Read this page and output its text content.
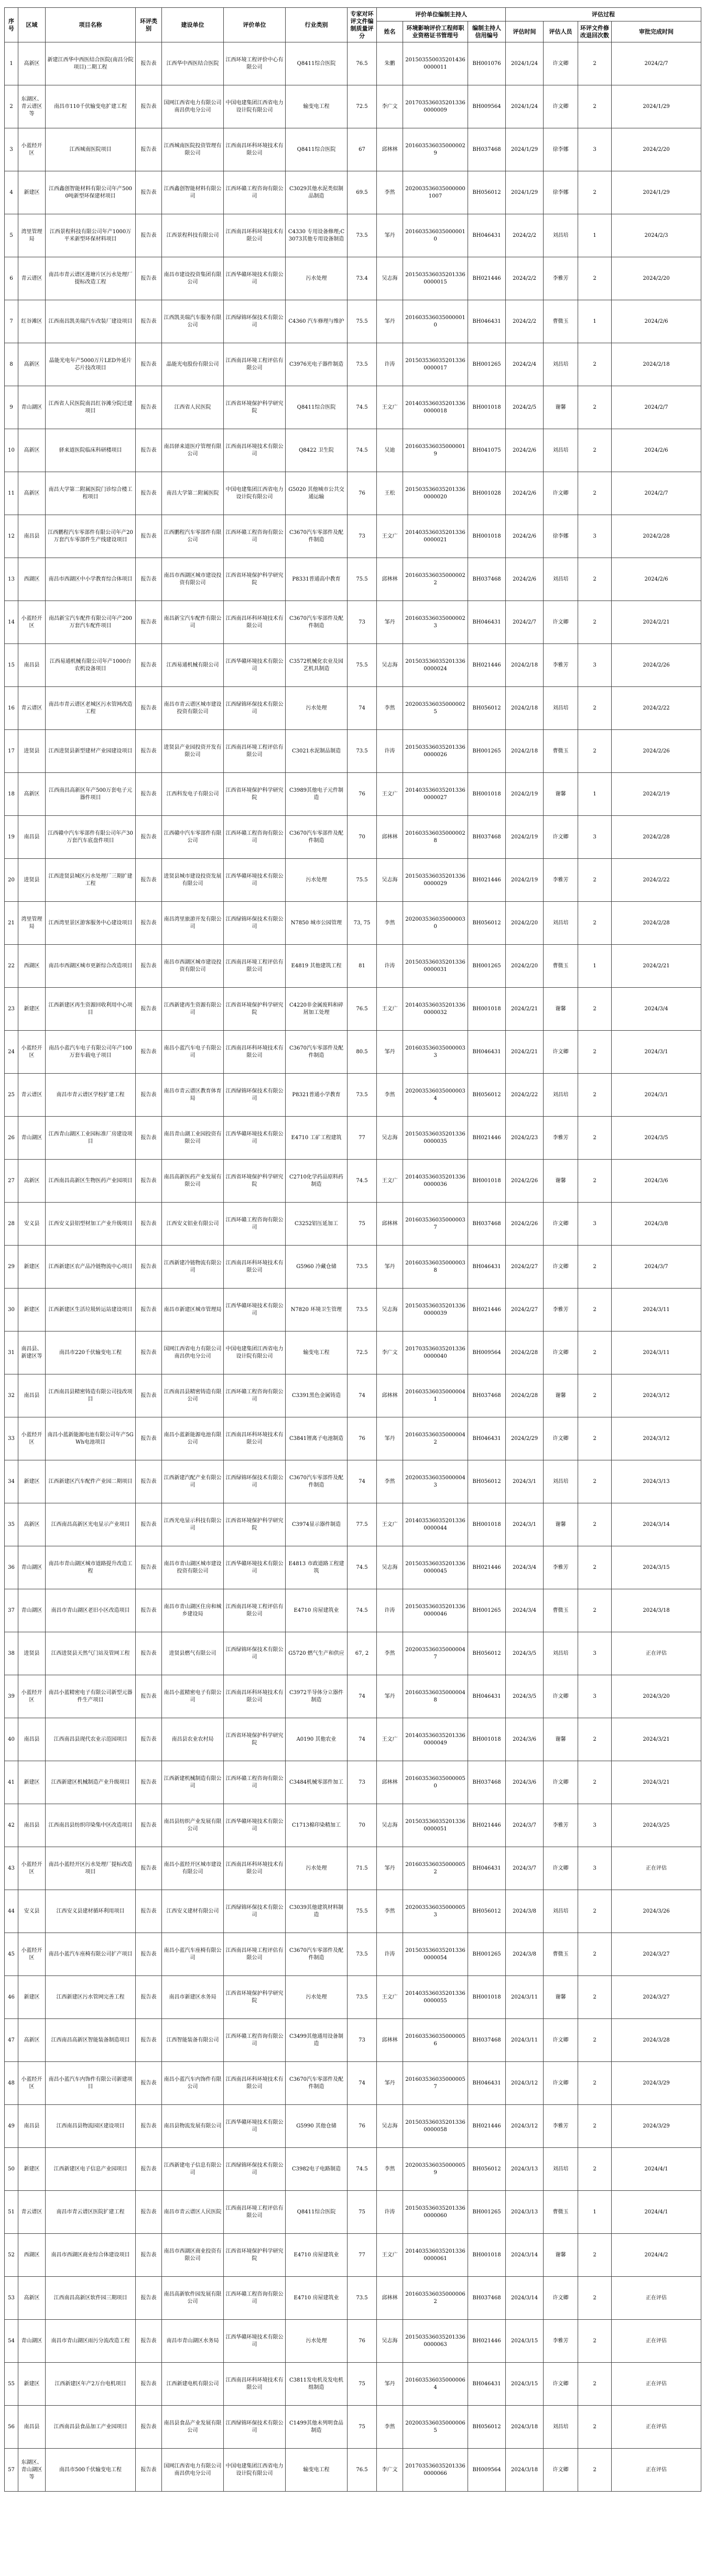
序号	区域	项目名称	环评类别	建设单位	评价单位	行业类别	专家对环评文件编制质量评分	评价单位编制主持人			评估过程			
								姓名	环境影响评价工程师职业资格证书管理号	编制主持人信用编号	评估时间	评估人员	环评文件修改退回次数	审批完成时间
1	高新区	新建江西华中西医结合医院(南昌分院项目)二期工程	报告表	江西华中西医结合医院	江西环境工程评价中心有限公司	Q8411综合医院	76.5	朱鹏	2015035500352014360000011	BH001076	2024/1/24	许文卿	2	2024/2/7
2	东湖区、青云谱区等	南昌市110千伏输变电扩建工程	报告表	国网江西省电力有限公司南昌供电分公司	中国电建集团江西省电力设计院有限公司	输变电工程	72.5	李广文	2017035360352013360000009	BH009564	2024/1/24	许文卿	2	2024/1/29
3	小蓝经开区	江西城南医院项目	报告表	江西城南医院投资管理有限公司	江西南昌环科环境技术有限公司	Q8411综合医院	67	邱林林	2016035360350000029	BH037468	2024/1/29	徐李娜	3	2024/2/20
4	新建区	江西鑫创智能材料有限公司年产5000吨新型环保建材项目	报告表	江西鑫创智能材料有限公司	江西环赣工程咨询有限公司	C3029其他水泥类似制品制造	69.5	李然	2020035360350000001007	BH056012	2024/1/29	徐李娜	2	2024/1/29
5	湾里管理局	江西景程科技有限公司年产1000万平米新型环保材料项目	报告表	江西景程科技有限公司	江西南昌环科环境技术有限公司	C4330 专用设备修理;C3073其他专用设备制造	73.5	邹丹	2016035360350000010	BH046431	2024/2/2	刘昌培	1	2024/2/3
6	青云谱区	南昌市青云谱区莲塘片区污水处理厂提标改造工程	报告表	南昌市建设投资集团有限公司	江西华赣环境技术有限公司	污水处理	73.4	吴志海	2015035360352013360000015	BH021446	2024/2/2	李雅芳	2	2024/2/20
7	红谷滩区	江西南昌凯美瑞汽车改装厂建设项目	报告表	江西凯美瑞汽车服务有限公司	江西绿锦环保技术有限公司	C4360 汽车修理与维护	75.5	邹丹	2016035360350000010	BH046431	2024/2/2	曹微玉	1	2024/2/6
8	高新区	晶能光电年产5000万片LED外延片芯片技改项目	报告表	晶能光电股份有限公司	江西南昌环境工程评估有限公司	C3976光电子器件制造	73.5	许涛	2015035360352013360000017	BH001265	2024/2/4	刘昌培	2	2024/2/18
9	青山湖区	江西省人民医院南昌红谷滩分院迁建项目	报告表	江西省人民医院	江西省环境保护科学研究院	Q8411综合医院	74.5	王文广	2014035360352013360000018	BH001018	2024/2/5	谢馨	2	2024/2/7
10	高新区	驿来道医院临床科研楼项目	报告表	南昌驿来道医疗管理有限公司	江西南昌环境技术有限公司	Q8422 卫生院	74.5	吴迪	2016035360350000019	BH041075	2024/2/6	刘昌培	2	2024/2/6
11	高新区	南昌大学第二附属医院门诊综合楼工程项目	报告表	南昌大学第二附属医院	中国电建集团江西省电力设计院有限公司	G5020 其他城市公共交通运输	76	王松	2015035360352013360000020	BH001028	2024/2/6	许文卿	2	2024/2/7
12	南昌县	江西鹏程汽车零部件有限公司年产20万套汽车零部件生产线建设项目	报告表	江西鹏程汽车零部件有限公司	江西环赣工程咨询有限公司	C3670汽车零部件及配件制造	73	王文广	2014035360352013360000021	BH001018	2024/2/6	徐李娜	3	2024/2/28
13	西湖区	南昌市西湖区中小学教育综合体项目	报告表	南昌市西湖区城市建设投资有限公司	江西省环境保护科学研究院	P8331普通高中教育	75.5	邱林林	2016035360350000022	BH037468	2024/2/6	刘昌培	2	2024/2/6
14	小蓝经开区	南昌新宝汽车配件有限公司年产200万套汽车配件项目	报告表	南昌新宝汽车配件有限公司	江西南昌环科环境技术有限公司	C3670汽车零部件及配件制造	73	邹丹	2016035360350000023	BH046431	2024/2/7	许文卿	2	2024/2/21
15	南昌县	江西易通机械有限公司年产1000台农机设备项目	报告表	江西易通机械有限公司	江西华赣环境技术有限公司	C3572机械化农业及园艺机具制造	75.5	吴志海	2015035360352013360000024	BH021446	2024/2/18	李雅芳	3	2024/2/26
16	青云谱区	南昌市青云谱区老城区污水管网改造工程	报告表	南昌市青云谱区城市建设投资有限公司	江西绿锦环保技术有限公司	污水处理	74	李然	2020035360350000025	BH056012	2024/2/18	刘昌培	2	2024/2/22
17	进贤县	江西进贤县新型建材产业园建设项目	报告表	进贤县产业园投资开发有限公司	江西南昌环境工程评估有限公司	C3021水泥制品制造	73.5	许涛	2015035360352013360000026	BH001265	2024/2/18	曹微玉	2	2024/2/26
18	高新区	江西南昌高新区年产500万套电子元器件项目	报告表	江西科发电子有限公司	江西省环境保护科学研究院	C3989其他电子元件制造	76	王文广	2014035360352013360000027	BH001018	2024/2/19	谢馨	1	2024/2/19
19	南昌县	江西赣中汽车零部件有限公司年产30万套汽车底盘件项目	报告表	江西赣中汽车零部件有限公司	江西环赣工程咨询有限公司	C3670汽车零部件及配件制造	70	邱林林	2016035360350000028	BH037468	2024/2/19	许文卿	3	2024/2/28
20	进贤县	江西进贤县城区污水处理厂三期扩建工程	报告表	进贤县城市建设投资发展有限公司	江西华赣环境技术有限公司	污水处理	75.5	吴志海	2015035360352013360000029	BH021446	2024/2/19	李雅芳	2	2024/2/22
21	湾里管理局	江西湾里景区游客服务中心建设项目	报告表	南昌湾里旅游开发有限公司	江西绿锦环保技术有限公司	N7850 城市公园管理	73, 75	李然	2020035360350000030	BH056012	2024/2/20	刘昌培	2	2024/2/28
22	西湖区	南昌市西湖区城市更新综合改造项目	报告表	南昌市西湖区城市建设投资有限公司	江西南昌环境工程评估有限公司	E4819 其他建筑工程	81	许涛	2015035360352013360000031	BH001265	2024/2/20	曹微玉	1	2024/2/21
23	新建区	江西新建区再生资源回收利用中心项目	报告表	江西新建再生资源有限公司	江西省环境保护科学研究院	C4220非金属废料和碎屑加工处理	76.5	王文广	2014035360352013360000032	BH001018	2024/2/21	谢馨	2	2024/3/4
24	小蓝经开区	南昌小蓝汽车电子有限公司年产100万套车载电子项目	报告表	南昌小蓝汽车电子有限公司	江西南昌环科环境技术有限公司	C3670汽车零部件及配件制造	80.5	邹丹	2016035360350000033	BH046431	2024/2/21	许文卿	2	2024/3/1
25	青云谱区	南昌市青云谱区学校扩建工程	报告表	南昌市青云谱区教育体育局	江西绿锦环保技术有限公司	P8321普通小学教育	73.5	李然	2020035360350000034	BH056012	2024/2/22	刘昌培	2	2024/3/1
26	青山湖区	江西青山湖区工业园标准厂房建设项目	报告表	南昌青山湖工业园投资有限公司	江西华赣环境技术有限公司	E4710 工矿工程建筑	77	吴志海	2015035360352013360000035	BH021446	2024/2/23	李雅芳	2	2024/3/5
27	高新区	江西南昌高新区生物医药产业园项目	报告表	南昌高新医药产业发展有限公司	江西省环境保护科学研究院	C2710化学药品原料药制造	74.5	王文广	2014035360352013360000036	BH001018	2024/2/26	谢馨	2	2024/3/6
28	安义县	江西安义县铝型材加工产业升级项目	报告表	江西安义铝业有限公司	江西环赣工程咨询有限公司	C3252铝压延加工	75	邱林林	2016035360350000037	BH037468	2024/2/26	许文卿	3	2024/3/8
29	新建区	江西新建区农产品冷链物流中心项目	报告表	江西新建冷链物流有限公司	江西南昌环科环境技术有限公司	G5960 冷藏仓储	73.5	邹丹	2016035360350000038	BH046431	2024/2/27	许文卿	2	2024/3/7
30	新建区	江西新建区生活垃圾转运站建设项目	报告表	南昌市新建区城市管理局	江西华赣环境技术有限公司	N7820 环境卫生管理	73.5	吴志海	2015035360352013360000039	BH021446	2024/2/27	李雅芳	2	2024/3/11
31	南昌县、新建区等	南昌市220千伏输变电工程	报告表	国网江西省电力有限公司南昌供电分公司	中国电建集团江西省电力设计院有限公司	输变电工程	72.5	李广文	2017035360352013360000040	BH009564	2024/2/28	许文卿	2	2024/3/11
32	南昌县	江西南昌县精密铸造有限公司技改项目	报告表	江西南昌县精密铸造有限公司	江西环赣工程咨询有限公司	C3391黑色金属铸造	74	邱林林	2016035360350000041	BH037468	2024/2/28	谢馨	2	2024/3/12
33	小蓝经开区	南昌小蓝新能源电池有限公司年产5GWh电池项目	报告表	南昌小蓝新能源电池有限公司	江西南昌环科环境技术有限公司	C3841锂离子电池制造	76	邹丹	2016035360350000042	BH046431	2024/2/29	许文卿	2	2024/3/12
34	新建区	江西新建区汽车配件产业园二期项目	报告表	江西新建汽配产业有限公司	江西绿锦环保技术有限公司	C3670汽车零部件及配件制造	74	李然	2020035360350000043	BH056012	2024/3/1	刘昌培	2	2024/3/13
35	高新区	江西南昌高新区光电显示产业项目	报告表	江西光电显示科技有限公司	江西省环境保护科学研究院	C3974显示器件制造	77.5	王文广	2014035360352013360000044	BH001018	2024/3/1	谢馨	2	2024/3/14
36	青山湖区	南昌市青山湖区城市道路提升改造工程	报告表	南昌市青山湖区城市建设投资有限公司	江西华赣环境技术有限公司	E4813 市政道路工程建筑	74.5	吴志海	2015035360352013360000045	BH021446	2024/3/4	李雅芳	2	2024/3/15
37	青山湖区	南昌市青山湖区老旧小区改造项目	报告表	南昌市青山湖区住房和城乡建设局	江西南昌环境工程评估有限公司	E4710 房屋建筑业	74.5	许涛	2015035360352013360000046	BH001265	2024/3/4	曹微玉	2	2024/3/18
38	进贤县	江西进贤县天然气门站及管网工程	报告表	进贤县燃气有限公司	江西绿锦环保技术有限公司	G5720 燃气生产和供应	67, 2	李然	2020035360350000047	BH056012	2024/3/5	刘昌培	3	正在评估
39	小蓝经开区	南昌小蓝精密电子有限公司新型元器件生产项目	报告表	南昌小蓝精密电子有限公司	江西南昌环科环境技术有限公司	C3972半导体分立器件制造	74	邹丹	2016035360350000048	BH046431	2024/3/5	许文卿	3	2024/3/20
40	南昌县	江西南昌县现代农业示范园项目	报告表	南昌县农业农村局	江西省环境保护科学研究院	A0190 其他农业	74	王文广	2014035360352013360000049	BH001018	2024/3/6	谢馨	2	2024/3/21
41	新建区	江西新建区机械制造产业升级项目	报告表	江西新建机械制造有限公司	江西环赣工程咨询有限公司	C3484机械零部件加工	73	邱林林	2016035360350000050	BH037468	2024/3/6	许文卿	2	2024/3/21
42	南昌县	江西南昌县纺织印染集中区改造项目	报告表	南昌县纺织产业发展有限公司	江西华赣环境技术有限公司	C1713棉印染精加工	70	吴志海	2015035360352013360000051	BH021446	2024/3/7	李雅芳	3	2024/3/25
43	小蓝经开区	南昌小蓝经开区污水处理厂提标改造项目	报告表	南昌小蓝经开区城市建设有限公司	江西南昌环科环境技术有限公司	污水处理	71.5	邹丹	2016035360350000052	BH046431	2024/3/7	许文卿	3	正在评估
44	安义县	江西安义县建材循环利用项目	报告表	江西安义建材有限公司	江西绿锦环保技术有限公司	C3039其他建筑材料制造	75.5	李然	2020035360350000053	BH056012	2024/3/8	刘昌培	2	2024/3/26
45	小蓝经开区	南昌小蓝汽车座椅有限公司扩产项目	报告表	南昌小蓝汽车座椅有限公司	江西南昌环境工程评估有限公司	C3670汽车零部件及配件制造	73.5	许涛	2015035360352013360000054	BH001265	2024/3/8	曹微玉	2	2024/3/27
46	新建区	江西新建区污水管网完善工程	报告表	南昌市新建区水务局	江西省环境保护科学研究院	污水处理	73.5	王文广	2014035360352013360000055	BH001018	2024/3/11	谢馨	2	2024/3/27
47	高新区	江西南昌高新区智能装备制造项目	报告表	江西智能装备有限公司	江西环赣工程咨询有限公司	C3499其他通用设备制造	73	邱林林	2016035360350000056	BH037468	2024/3/11	许文卿	2	2024/3/28
48	小蓝经开区	南昌小蓝汽车内饰件有限公司新建项目	报告表	南昌小蓝汽车内饰件有限公司	江西南昌环科环境技术有限公司	C3670汽车零部件及配件制造	74	邹丹	2016035360350000057	BH046431	2024/3/12	许文卿	2	2024/3/29
49	南昌县	江西南昌县物流园区建设项目	报告表	南昌县物流发展有限公司	江西华赣环境技术有限公司	G5990 其他仓储	76	吴志海	2015035360352013360000058	BH021446	2024/3/12	李雅芳	2	2024/3/29
50	新建区	江西新建区电子信息产业园项目	报告表	江西新建电子信息有限公司	江西绿锦环保技术有限公司	C3982电子电路制造	74.5	李然	2020035360350000059	BH056012	2024/3/13	刘昌培	2	2024/4/1
51	青云谱区	南昌市青云谱区医院扩建工程	报告表	南昌市青云谱区人民医院	江西南昌环境工程评估有限公司	Q8411综合医院	75	许涛	2015035360352013360000060	BH001265	2024/3/13	曹微玉	1	2024/4/1
52	西湖区	南昌市西湖区商业综合体建设项目	报告表	南昌市西湖区商业投资有限公司	江西省环境保护科学研究院	E4710 房屋建筑业	77	王文广	2014035360352013360000061	BH001018	2024/3/14	谢馨	2	2024/4/2
53	高新区	江西南昌高新区软件园三期项目	报告表	南昌高新软件园发展有限公司	江西环赣工程咨询有限公司	E4710 房屋建筑业	73.5	邱林林	2016035360350000062	BH037468	2024/3/14	许文卿	2	正在评估
54	青山湖区	南昌市青山湖区雨污分流改造工程	报告表	南昌市青山湖区水务局	江西华赣环境技术有限公司	污水处理	76	吴志海	2015035360352013360000063	BH021446	2024/3/15	李雅芳	2	正在评估
55	新建区	江西新建区年产2万台电机项目	报告表	江西新建电机有限公司	江西南昌环科环境技术有限公司	C3811发电机及发电机组制造	75	邹丹	2016035360350000064	BH046431	2024/3/15	许文卿	2	正在评估
56	南昌县	江西南昌县食品加工产业园项目	报告表	南昌县食品产业发展有限公司	江西绿锦环保技术有限公司	C1499其他未列明食品制造	75	李然	2020035360350000065	BH056012	2024/3/18	刘昌培	2	正在评估
57	东湖区、青山湖区等	南昌市500千伏输变电工程	报告表	国网江西省电力有限公司南昌供电分公司	中国电建集团江西省电力设计院有限公司	输变电工程	76.5	李广文	2017035360352013360000066	BH009564	2024/3/18	许文卿	2	正在评估
